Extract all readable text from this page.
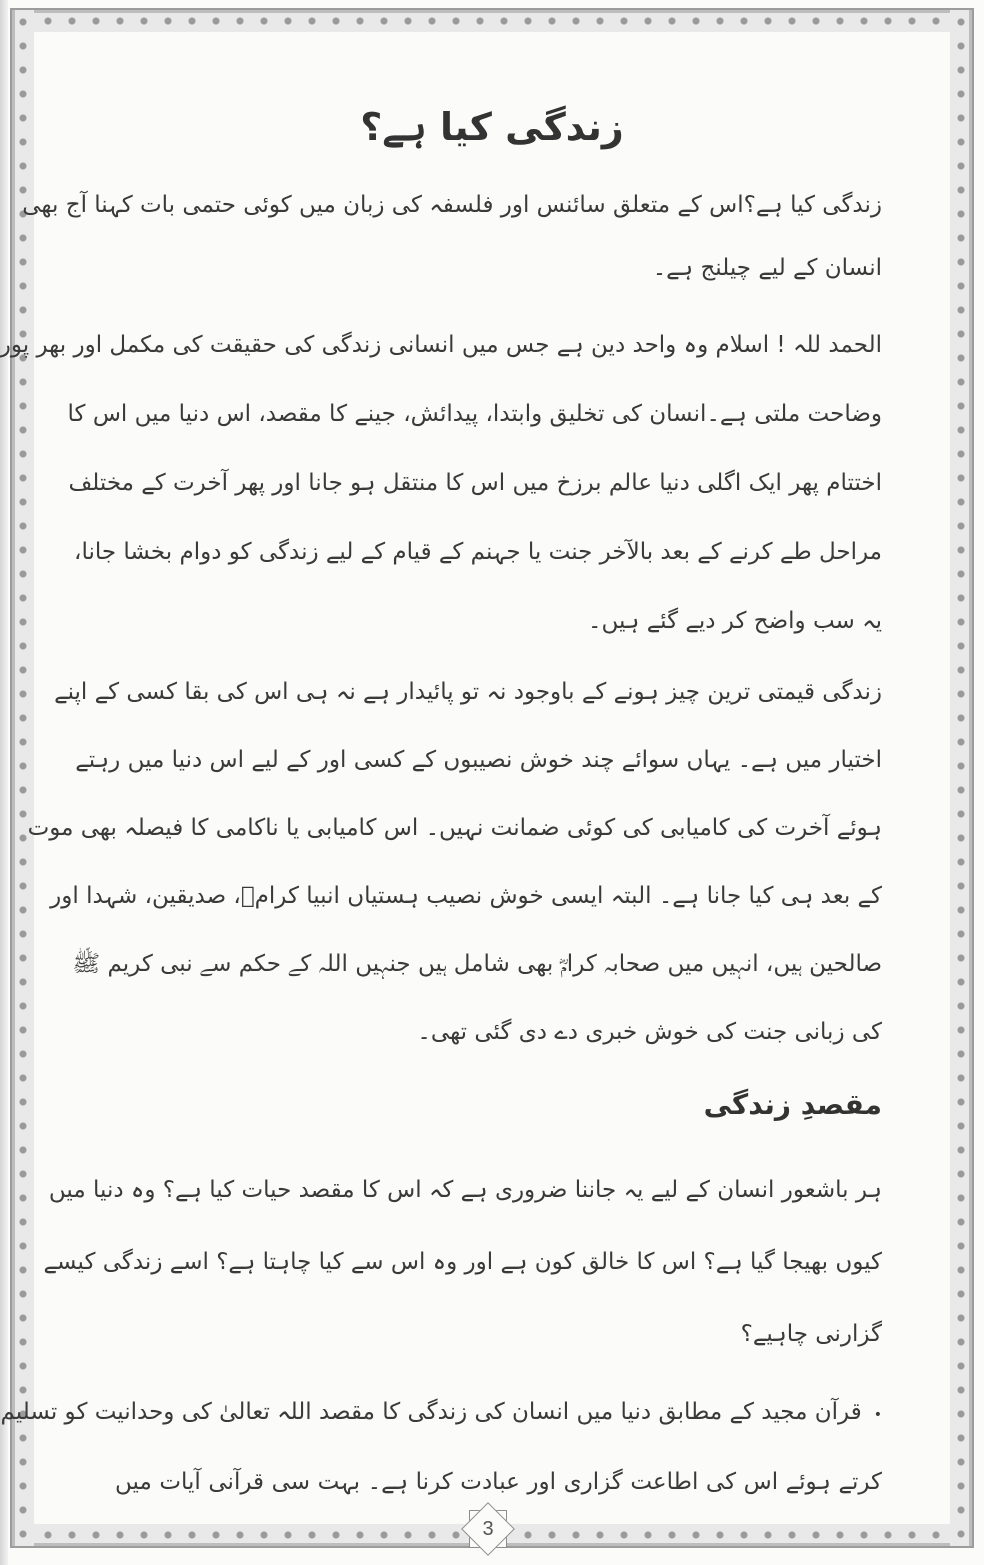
زندگی کیا ہے؟
زندگی کیا ہے؟اس کے متعلق سائنس اور فلسفہ کی زبان میں کوئی حتمی بات کہنا آج بھی
انسان کے لیے چیلنج ہے۔
الحمد للہ ! اسلام وہ واحد دین ہے جس میں انسانی زندگی کی حقیقت کی مکمل اور بھر پور
وضاحت ملتی ہے۔انسان کی تخلیق وابتدا، پیدائش، جینے کا مقصد، اس دنیا میں اس کا
اختتام پھر ایک اگلی دنیا عالم برزخ میں اس کا منتقل ہو جانا اور پھر آخرت کے مختلف
مراحل طے کرنے کے بعد بالآخر جنت یا جہنم کے قیام کے لیے زندگی کو دوام بخشا جانا،
یہ سب واضح کر دیے گئے ہیں۔
زندگی قیمتی ترین چیز ہونے کے باوجود نہ تو پائیدار ہے نہ ہی اس کی بقا کسی کے اپنے
اختیار میں ہے۔ یہاں سوائے چند خوش نصیبوں کے کسی اور کے لیے اس دنیا میں رہتے
ہوئے آخرت کی کامیابی کی کوئی ضمانت نہیں۔ اس کامیابی یا ناکامی کا فیصلہ بھی موت
کے بعد ہی کیا جانا ہے۔ البتہ ایسی خوش نصیب ہستیاں انبیا کرامؑ، صدیقین، شہدا اور
صالحین ہیں، انہیں میں صحابہ کرامؓ بھی شامل ہیں جنہیں اللہ کے حکم سے نبی کریم ﷺ
کی زبانی جنت کی خوش خبری دے دی گئی تھی۔
مقصدِ زندگی
ہر باشعور انسان کے لیے یہ جاننا ضروری ہے کہ اس کا مقصد حیات کیا ہے؟ وہ دنیا میں
کیوں بھیجا گیا ہے؟ اس کا خالق کون ہے اور وہ اس سے کیا چاہتا ہے؟ اسے زندگی کیسے
گزارنی چاہیے؟
•قرآن مجید کے مطابق دنیا میں انسان کی زندگی کا مقصد اللہ تعالیٰ کی وحدانیت کو تسلیم
کرتے ہوئے اس کی اطاعت گزاری اور عبادت کرنا ہے۔ بہت سی قرآنی آیات میں
3
